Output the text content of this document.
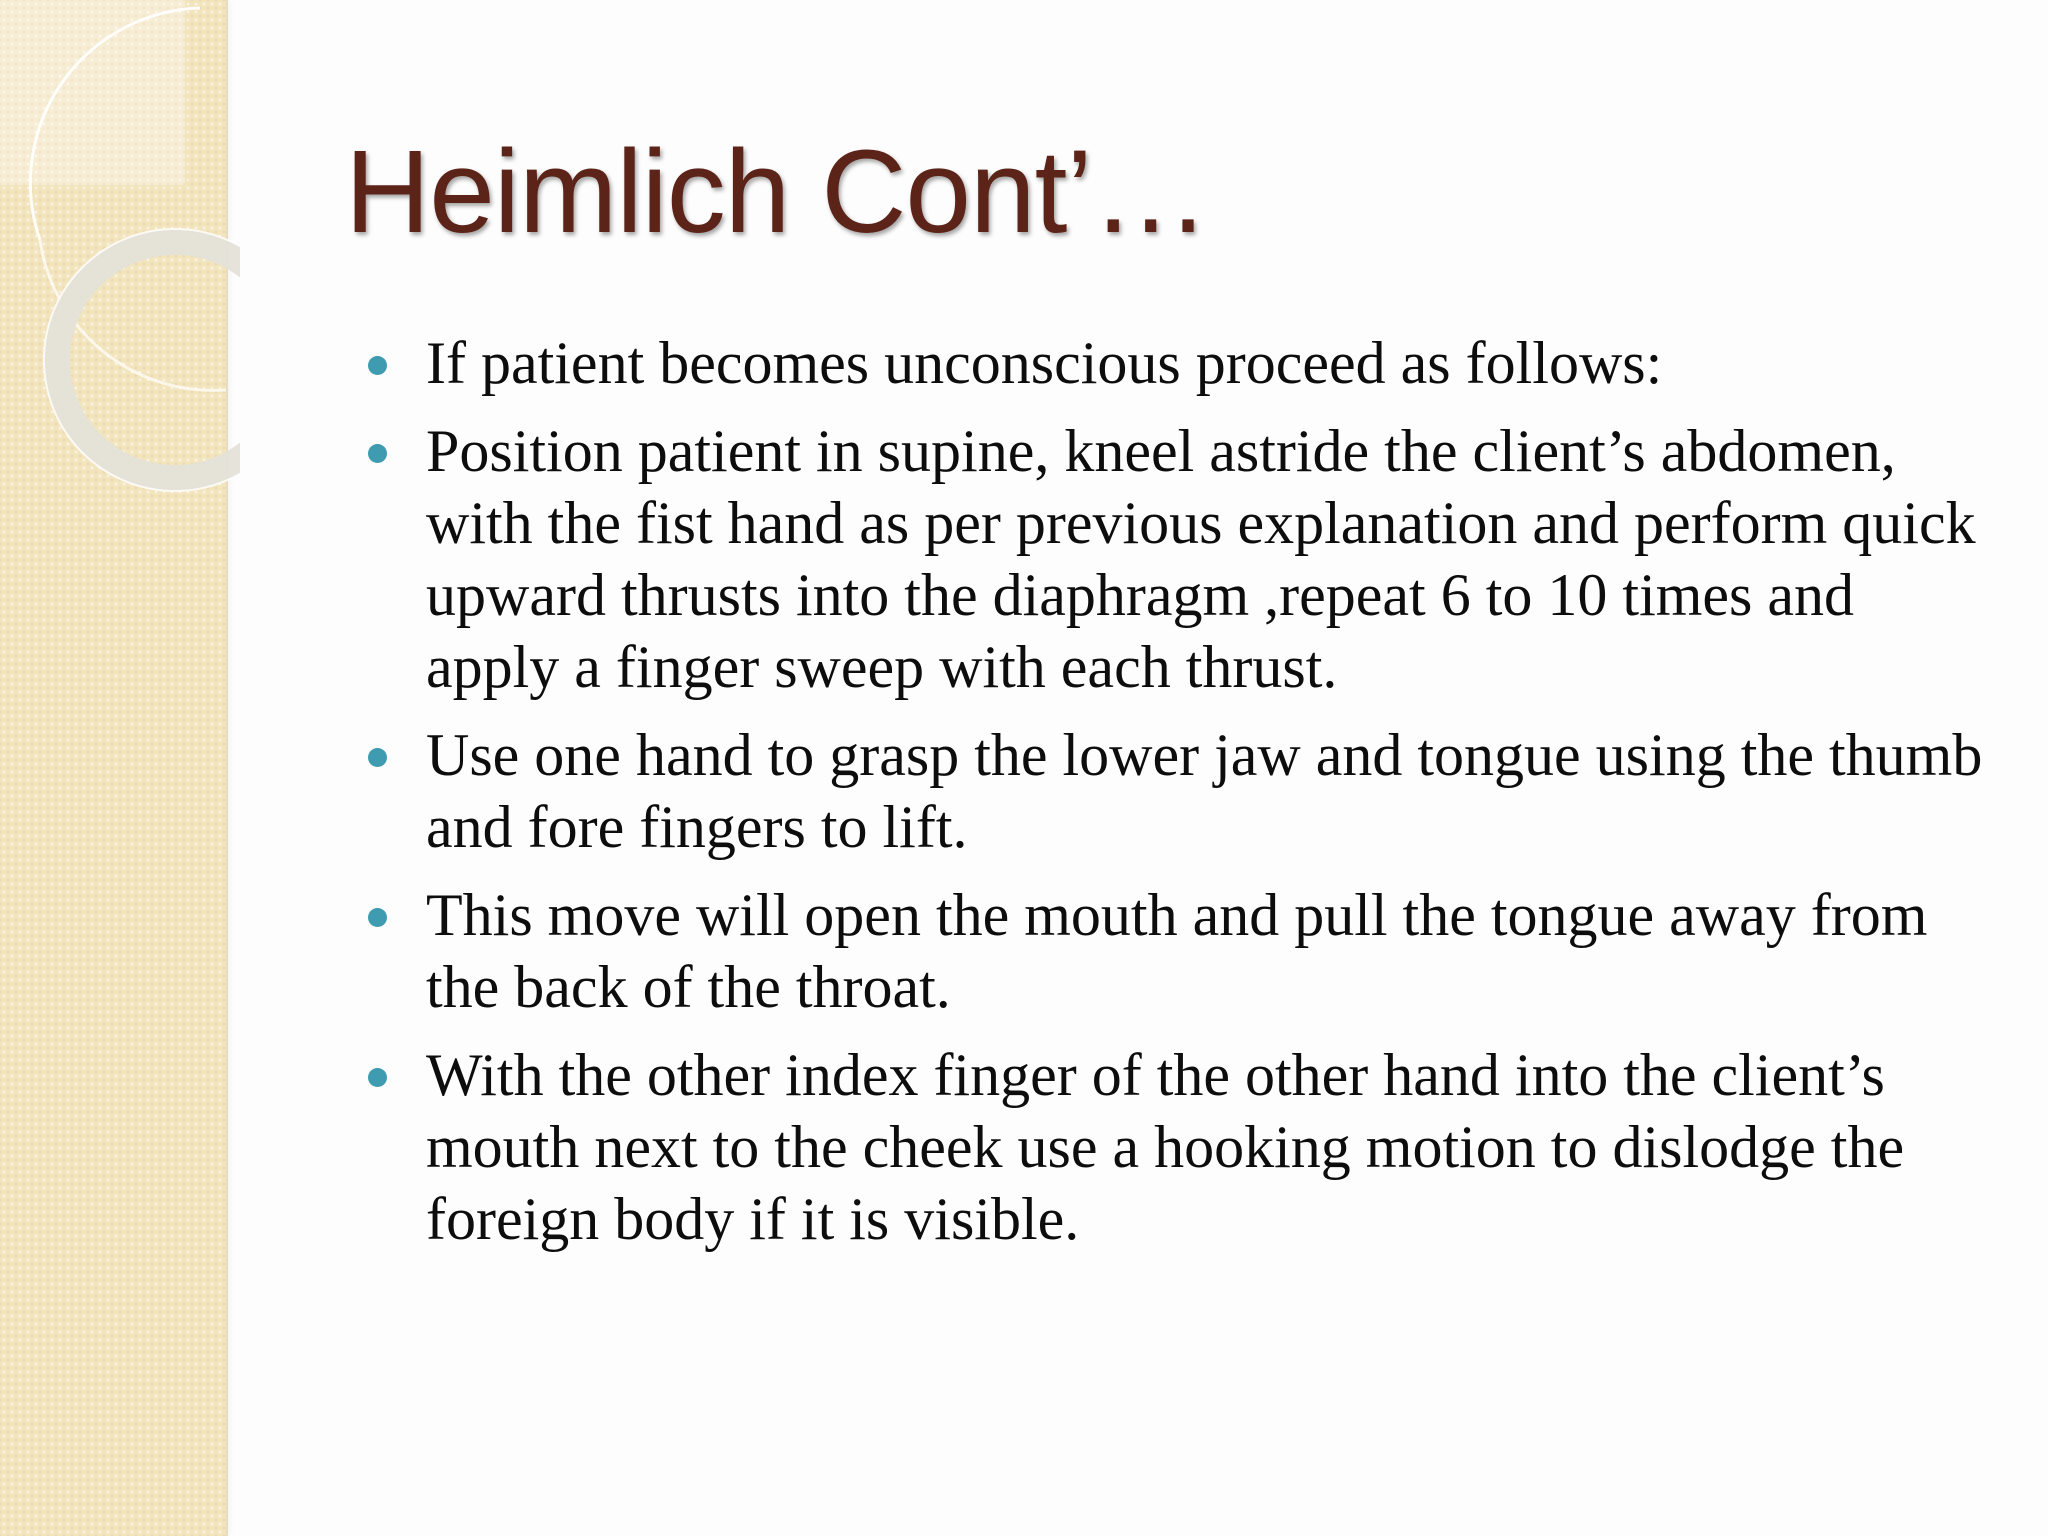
Heimlich Cont’…
If patient becomes unconscious proceed as follows:
Position patient in supine, kneel astride the client’s abdomen, with the fist hand as per previous explanation and perform quick upward thrusts into the diaphragm ,repeat 6 to 10 times and apply a finger sweep with each thrust.
Use one hand to grasp the lower jaw and tongue using the thumb and fore fingers to lift.
This move will open the mouth and pull the tongue away from the back of the throat.
With the other index finger of the other hand into the client’s mouth next to the cheek use a hooking motion to dislodge the foreign body if it is visible.
